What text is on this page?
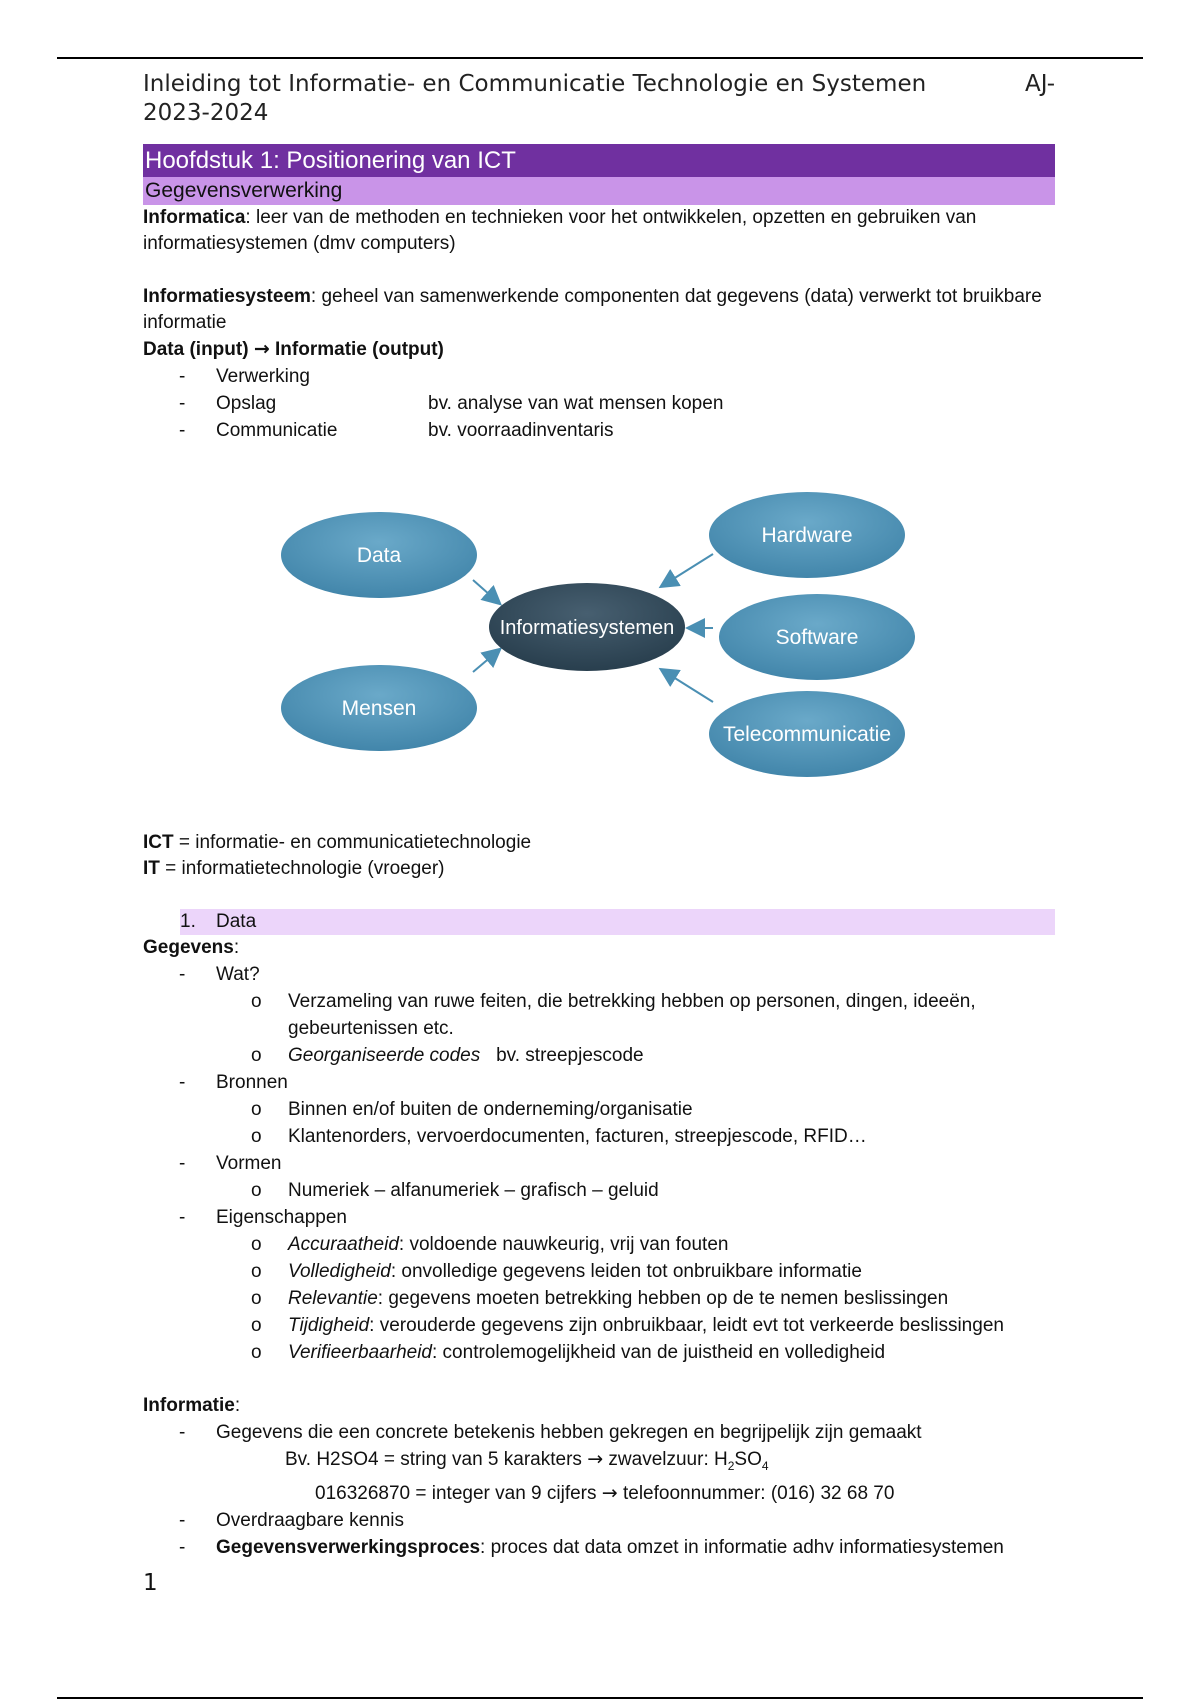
Inleiding tot Informatie- en Communicatie Technologie en Systemen	AJ-
2023-2024
Hoofdstuk 1: Positionering van ICT
Gegevensverwerking

Informatica: leer van de methoden en technieken voor het ontwikkelen, opzetten en gebruiken van informatiesystemen (dmv computers)

Informatiesysteem: geheel van samenwerkende componenten dat gegevens (data) verwerkt tot bruikbare informatie

Data (input) → Informatie (output)

- Verwerking
- Opslag	bv. analyse van wat mensen kopen
- Communicatie	bv. voorraadinventaris
Data
Mensen
Hardware
Software
Telecommunicatie
Informatiesystemen

ICT = informatie- en communicatietechnologie

IT = informatietechnologie (vroeger)

1. Data

Gegevens:

- Wat?
o Verzameling van ruwe feiten, die betrekking hebben op personen, dingen, ideeën, gebeurtenissen etc.
o Georganiseerde codes   bv. streepjescode
- Bronnen
o Binnen en/of buiten de onderneming/organisatie
o Klantenorders, vervoerdocumenten, facturen, streepjescode, RFID…
- Vormen
o Numeriek – alfanumeriek – grafisch – geluid
- Eigenschappen
o Accuraatheid: voldoende nauwkeurig, vrij van fouten
o Volledigheid: onvolledige gegevens leiden tot onbruikbare informatie
o Relevantie: gegevens moeten betrekking hebben op de te nemen beslissingen
o Tijdigheid: verouderde gegevens zijn onbruikbaar, leidt evt tot verkeerde beslissingen
o Verifieerbaarheid: controlemogelijkheid van de juistheid en volledigheid

Informatie:

- Gegevens die een concrete betekenis hebben gekregen en begrijpelijk zijn gemaakt
Bv. H2SO4 = string van 5 karakters → zwavelzuur: $H_2SO_4$
016326870 = integer van 9 cijfers → telefoonnummer: (016) 32 68 70
- Overdraagbare kennis
- Gegevensverwerkingsproces: proces dat data omzet in informatie adhv informatiesystemen
1
